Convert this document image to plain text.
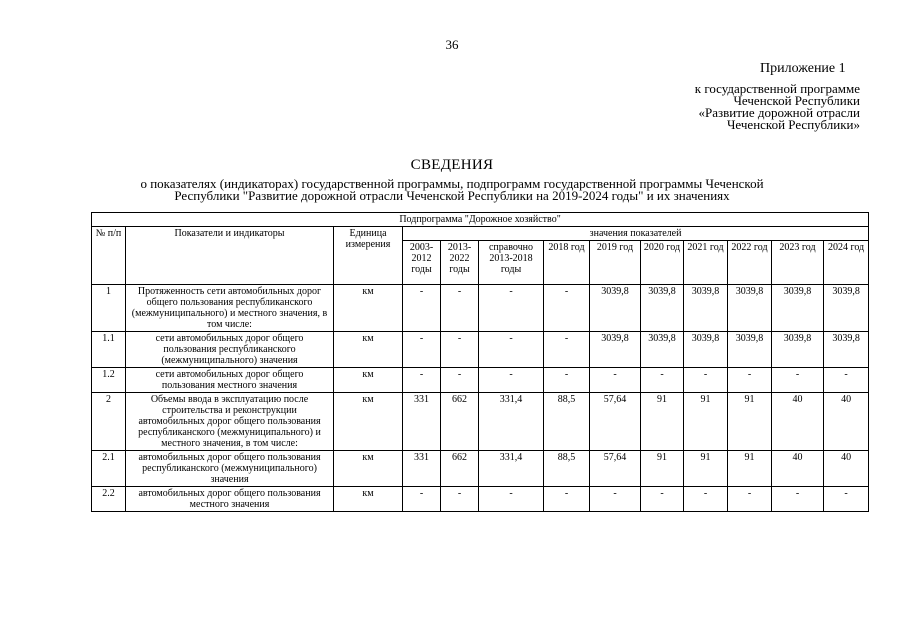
36
Приложение 1
к государственной программе
Чеченской Республики
«Развитие дорожной отрасли
Чеченской Республики»
СВЕДЕНИЯ
о показателях (индикаторах) государственной программы, подпрограмм государственной программы Чеченской
Республики "Развитие дорожной отрасли Чеченской Республики на 2019-2024 годы" и их значениях
Подпрограмма "Дорожное хозяйство"												
№ п/п	Показатели и индикаторы	Единица измерения	значения показателей									
			2003-2012 годы	2013-2022 годы	справочно 2013-2018 годы	2018 год	2019 год	2020 год	2021 год	2022 год	2023 год	2024 год
1	Протяженность сети автомобильных дорог общего пользования республиканского (межмуниципального) и местного значения, в том числе:	км	-	-	-	-	3039,8	3039,8	3039,8	3039,8	3039,8	3039,8
1.1	сети автомобильных дорог общего пользования республиканского (межмуниципального) значения	км	-	-	-	-	3039,8	3039,8	3039,8	3039,8	3039,8	3039,8
1.2	сети автомобильных дорог общего пользования местного значения	км	-	-	-	-	-	-	-	-	-	-
2	Объемы ввода в эксплуатацию после строительства и реконструкции автомобильных дорог общего пользования республиканского (межмуниципального) и местного значения, в том числе:	км	331	662	331,4	88,5	57,64	91	91	91	40	40
2.1	автомобильных дорог общего пользования республиканского (межмуниципального) значения	км	331	662	331,4	88,5	57,64	91	91	91	40	40
2.2	автомобильных дорог общего пользования местного значения	км	-	-	-	-	-	-	-	-	-	-
